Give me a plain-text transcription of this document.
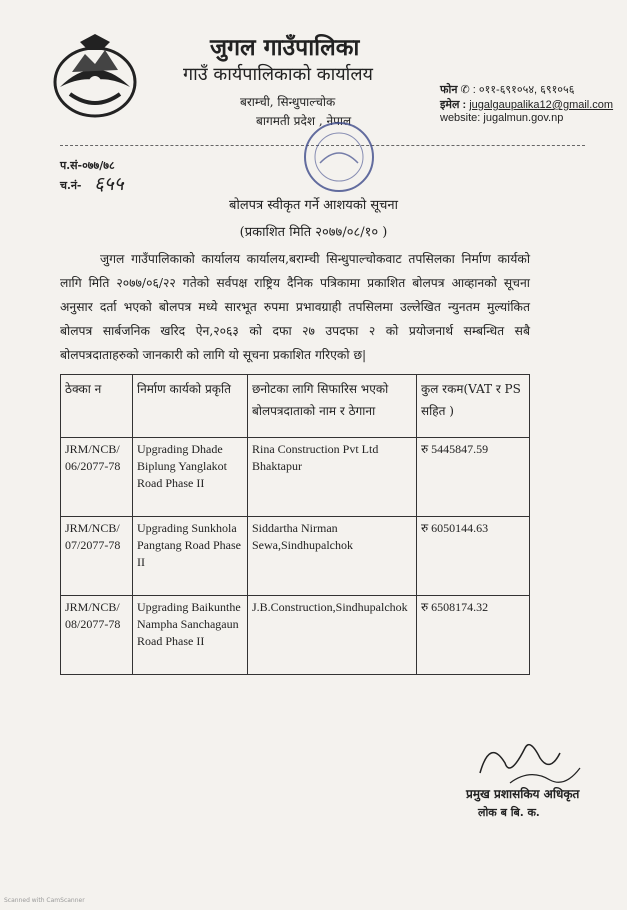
जुगल गाउँपालिका
गाउँ कार्यपालिकाको कार्यालय
बराम्ची, सिन्धुपाल्चोक
बागमती प्रदेश , नेपाल
फोन ✆ : ०११-६९१०५४, ६९१०५६
इमेल : jugalgaupalika12@gmail.com
website: jugalmun.gov.np
प.सं-०७७/७८
च.नं- ६५५
बोलपत्र स्वीकृत गर्ने आशयको सूचना
(प्रकाशित मिति २०७७/०८/१० )
जुगल गाउँपालिकाको कार्यालय कार्यालय,बराम्ची सिन्धुपाल्चोकवाट तपसिलका निर्माण कार्यको लागि मिति २०७७/०६/२२ गतेको सर्वपक्ष राष्ट्रिय दैनिक पत्रिकामा प्रकाशित बोलपत्र आव्हानको सूचना अनुसार दर्ता भएको बोलपत्र मध्ये सारभूत रुपमा प्रभावग्राही तपसिलमा उल्लेखित न्युनतम मुल्यांकित बोलपत्र सार्बजनिक खरिद ऐन,२०६३ को दफा २७ उपदफा २ को प्रयोजनार्थ सम्बन्धित सबै बोलपत्रदाताहरुको जानकारी को लागि यो सूचना प्रकाशित गरिएको छ|
ठेक्का न	निर्माण कार्यको प्रकृति	छनोटका लागि सिफारिस भएको बोलपत्रदाताको नाम र ठेगाना	कुल रकम(VAT र PS सहित )
JRM/NCB/ 06/2077-78	Upgrading Dhade Biplung Yanglakot Road Phase II	Rina Construction Pvt Ltd Bhaktapur	रु 5445847.59
JRM/NCB/ 07/2077-78	Upgrading Sunkhola Pangtang Road Phase II	Siddartha Nirman Sewa,Sindhupalchok	रु 6050144.63
JRM/NCB/ 08/2077-78	Upgrading Baikunthe Nampha Sanchagaun Road Phase II	J.B.Construction,Sindhupalchok	रु 6508174.32
प्रमुख प्रशासकिय अधिकृत
लोक ब बि. क.
Scanned with CamScanner
